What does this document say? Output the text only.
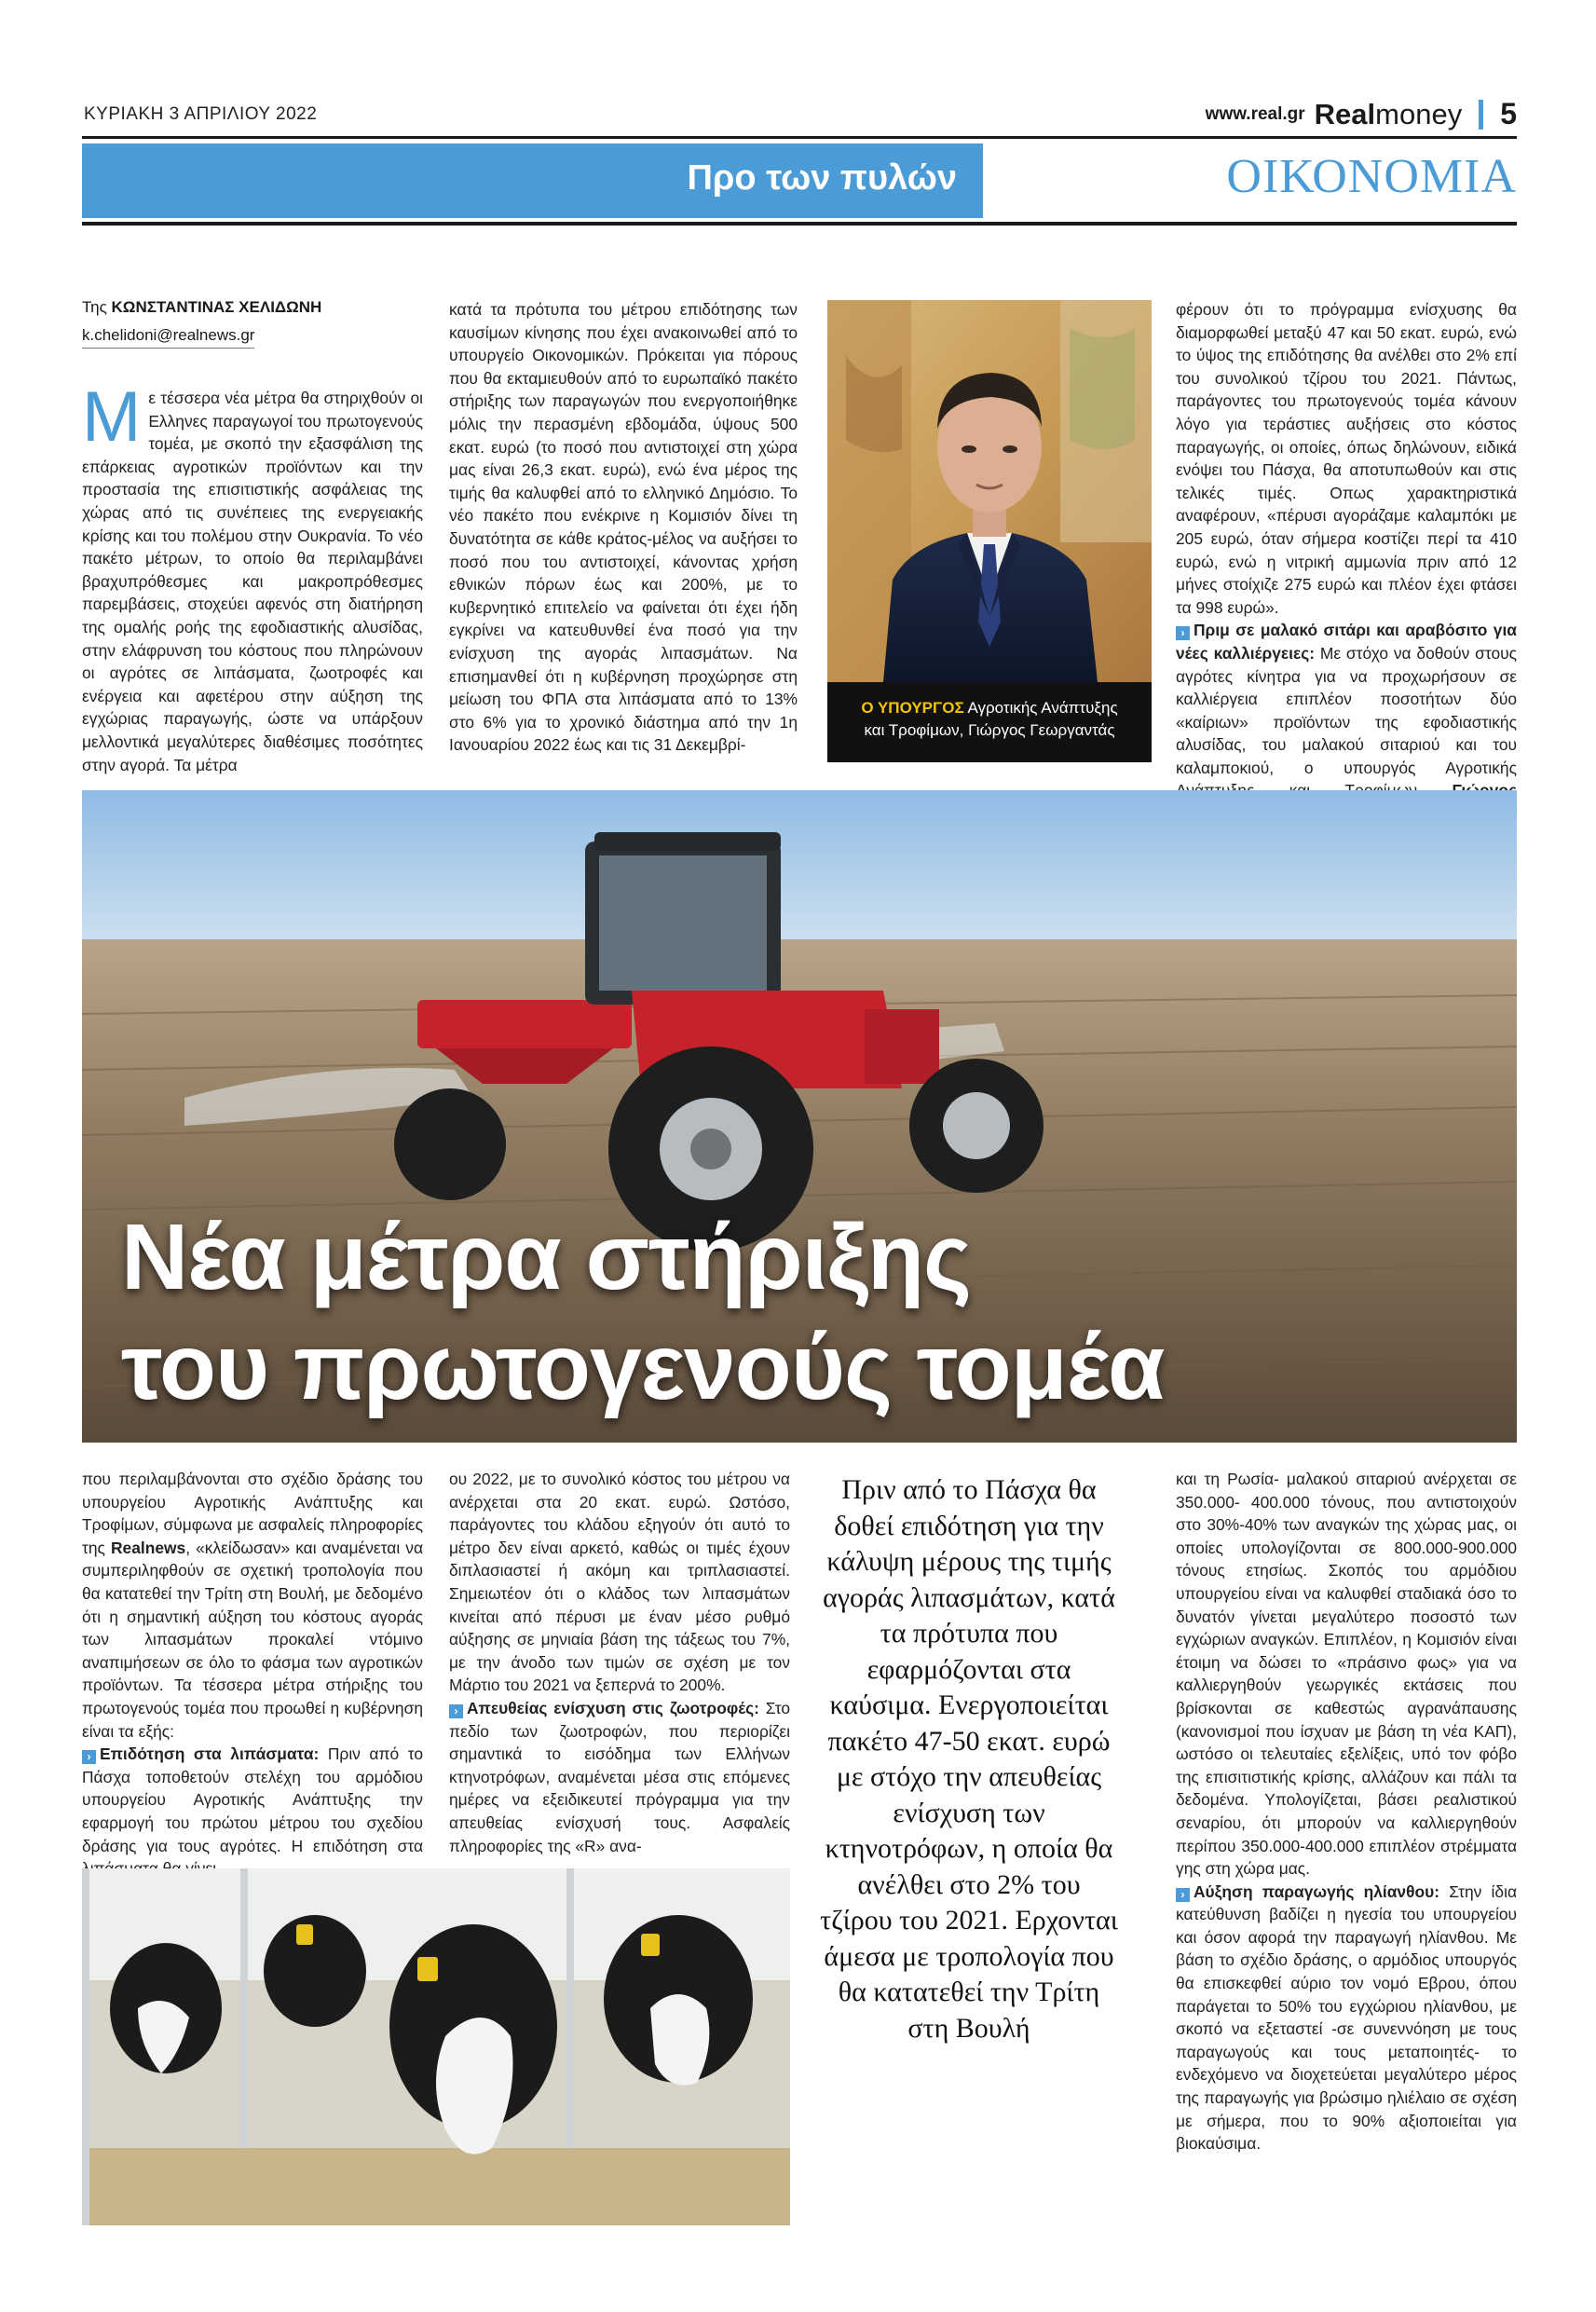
ΚΥΡΙΑΚΗ 3 ΑΠΡΙΛΙΟΥ 2022	www.real.gr Realmoney 5
Προ των πυλών	ΟΙΚΟΝΟΜΙΑ
Της ΚΩΝΣΤΑΝΤΙΝΑΣ ΧΕΛΙΔΩΝΗ
k.chelidoni@realnews.gr

Με τέσσερα νέα μέτρα θα στηριχθούν οι Ελληνες παραγωγοί του πρωτογενούς τομέα, με σκοπό την εξασφάλιση της επάρκειας αγροτικών προϊόντων και την προστασία της επισιτιστικής ασφάλειας της χώρας από τις συνέπειες της ενεργειακής κρίσης και του πολέμου στην Ουκρανία. Το νέο πακέτο μέτρων, το οποίο θα περιλαμβάνει βραχυπρόθεσμες και μακροπρόθεσμες παρεμβάσεις, στοχεύει αφενός στη διατήρηση της ομαλής ροής της εφοδιαστικής αλυσίδας, στην ελάφρυνση του κόστους που πληρώνουν οι αγρότες σε λιπάσματα, ζωοτροφές και ενέργεια και αφετέρου στην αύξηση της εγχώριας παραγωγής, ώστε να υπάρξουν μελλοντικά μεγαλύτερες διαθέσιμες ποσότητες στην αγορά. Τα μέτρα

κατά τα πρότυπα του μέτρου επιδότησης των καυσίμων κίνησης που έχει ανακοινωθεί από το υπουργείο Οικονομικών. Πρόκειται για πόρους που θα εκταμιευθούν από το ευρωπαϊκό πακέτο στήριξης των παραγωγών που ενεργοποιήθηκε μόλις την περασμένη εβδομάδα, ύψους 500 εκατ. ευρώ (το ποσό που αντιστοιχεί στη χώρα μας είναι 26,3 εκατ. ευρώ), ενώ ένα μέρος της τιμής θα καλυφθεί από το ελληνικό Δημόσιο. Το νέο πακέτο που ενέκρινε η Κομισιόν δίνει τη δυνατότητα σε κάθε κράτος-μέλος να αυξήσει το ποσό που του αντιστοιχεί, κάνοντας χρήση εθνικών πόρων έως και 200%, με το κυβερνητικό επιτελείο να φαίνεται ότι έχει ήδη εγκρίνει να κατευθυνθεί ένα ποσό για την ενίσχυση της αγοράς λιπασμάτων. Να επισημανθεί ότι η κυβέρνηση προχώρησε στη μείωση του ΦΠΑ στα λιπάσματα από το 13% στο 6% για το χρονικό διάστημα από την 1η Ιανουαρίου 2022 έως και τις 31 Δεκεμβρί-

Ο ΥΠΟΥΡΓΟΣ Αγροτικής Ανάπτυξης
και Τροφίμων, Γιώργος Γεωργαντάς

φέρουν ότι το πρόγραμμα ενίσχυσης θα διαμορφωθεί μεταξύ 47 και 50 εκατ. ευρώ, ενώ το ύψος της επιδότησης θα ανέλθει στο 2% επί του συνολικού τζίρου του 2021. Πάντως, παράγοντες του πρωτογενούς τομέα κάνουν λόγο για τεράστιες αυξήσεις στο κόστος παραγωγής, οι οποίες, όπως δηλώνουν, ειδικά ενόψει του Πάσχα, θα αποτυπωθούν και στις τελικές τιμές. Οπως χαρακτηριστικά αναφέρουν, «πέρυσι αγοράζαμε καλαμπόκι με 205 ευρώ, όταν σήμερα κοστίζει περί τα 410 ευρώ, ενώ η νιτρική αμμωνία πριν από 12 μήνες στοίχιζε 275 ευρώ και πλέον έχει φτάσει τα 998 ευρώ».

› Πριμ σε μαλακό σιτάρι και αραβόσιτο για νέες καλλιέργειες: Με στόχο να δοθούν στους αγρότες κίνητρα για να προχωρήσουν σε καλλιέργεια επιπλέον ποσοτήτων δύο «καίριων» προϊόντων της εφοδιαστικής αλυσίδας, του μαλακού σιταριού και του καλαμποκιού, ο υπουργός Αγροτικής

Νέα μέτρα στήριξης
του πρωτογενούς τομέα

που περιλαμβάνονται στο σχέδιο δράσης του υπουργείου Αγροτικής Ανάπτυξης και Τροφίμων, σύμφωνα με ασφαλείς πληροφορίες της Realnews, «κλείδωσαν» και αναμένεται να συμπεριληφθούν σε σχετική τροπολογία που θα κατατεθεί την Τρίτη στη Βουλή, με δεδομένο ότι η σημαντική αύξηση του κόστους αγοράς των λιπασμάτων προκαλεί ντόμινο αναπιμήσεων σε όλο το φάσμα των αγροτικών προϊόντων. Τα τέσσερα μέτρα στήριξης του πρωτογενούς τομέα που προωθεί η κυβέρνηση είναι τα εξής:

› Επιδότηση στα λιπάσματα: Πριν από το Πάσχα τοποθετούν στελέχη του αρμόδιου υπουργείου Αγροτικής Ανάπτυξης την εφαρμογή του πρώτου μέτρου του σχεδίου δράσης για τους αγρότες. Η επιδότηση στα

ου 2022, με το συνολικό κόστος του μέτρου να ανέρχεται στα 20 εκατ. ευρώ. Ωστόσο, παράγοντες του κλάδου εξηγούν ότι αυτό το μέτρο δεν είναι αρκετό, καθώς οι τιμές έχουν διπλασιαστεί ή ακόμη και τριπλασιαστεί. Σημειωτέον ότι ο κλάδος των λιπασμάτων κινείται από πέρυσι με έναν μέσο ρυθμό αύξησης σε μηνιαία βάση της τάξεως του 7%, με την άνοδο των τιμών σε σχέση με τον Μάρτιο του 2021 να ξεπερνά το 200%.

› Απευθείας ενίσχυση στις ζωοτροφές: Στο πεδίο των ζωοτροφών, που περιορίζει σημαντικά το εισόδημα των Ελλήνων κτηνοτρόφων, αναμένεται μέσα στις επόμενες ημέρες να εξειδικευτεί πρόγραμμα για την απευθείας ενίσχυσή τους. Ασφαλείς πληροφορίες της «R» ανα-

Πριν από το Πάσχα θα δοθεί επιδότηση για την κάλυψη μέρους της τιμής αγοράς λιπασμάτων, κατά τα πρότυπα που εφαρμόζονται στα καύσιμα. Ενεργοποιείται πακέτο 47-50 εκατ. ευρώ με στόχο την απευθείας ενίσχυση των κτηνοτρόφων, η οποία θα ανέλθει στο 2% του τζίρου του 2021. Ερχονται άμεσα με τροπολογία που θα κατατεθεί την Τρίτη στη Βουλή

και τη Ρωσία- μαλακού σιταριού ανέρχεται σε 350.000- 400.000 τόνους, που αντιστοιχούν στο 30%-40% των αναγκών της χώρας μας, οι οποίες υπολογίζονται σε 800.000-900.000 τόνους ετησίως. Σκοπός του αρμόδιου υπουργείου είναι να καλυφθεί σταδιακά όσο το δυνατόν γίνεται μεγαλύτερο ποσοστό των εγχώριων αναγκών. Επιπλέον, η Κομισιόν είναι έτοιμη να δώσει το «πράσινο φως» για να καλλιεργηθούν γεωργικές εκτάσεις που βρίσκονται σε καθεστώς αγρανάπαυσης (κανονισμοί που ίσχυαν με βάση τη νέα ΚΑΠ), ωστόσο οι τελευταίες εξελίξεις, υπό τον φόβο της επισιτιστικής κρίσης, αλλάζουν και πάλι τα δεδομένα. Υπολογίζεται, βάσει ρεαλιστικού σεναρίου, ότι μπορούν να καλλιεργηθούν περίπου 350.000-400.000 επιπλέον στρέμματα γης στη χώρα μας.

› Αύξηση παραγωγής ηλίανθου: Στην ίδια κατεύθυνση βαδίζει η ηγεσία του υπουργείου και όσον αφορά την παραγωγή ηλίανθου. Με βάση το σχέδιο δράσης, ο αρμόδιος υπουργός θα επισκεφθεί αύριο τον νομό Εβρου, όπου παράγεται το 50% του εγχώριου ηλίανθου, με σκοπό να εξεταστεί -σε συνεννόηση με τους παραγωγούς και τους μεταποιητές- το ενδεχόμενο να διοχετεύεται μεγαλύτερο μέρος της παραγωγής για βρώσιμο ηλιέλαιο σε σχέση με σήμερα, που το 90% αξιοποιείται για βιοκαύσιμα.
